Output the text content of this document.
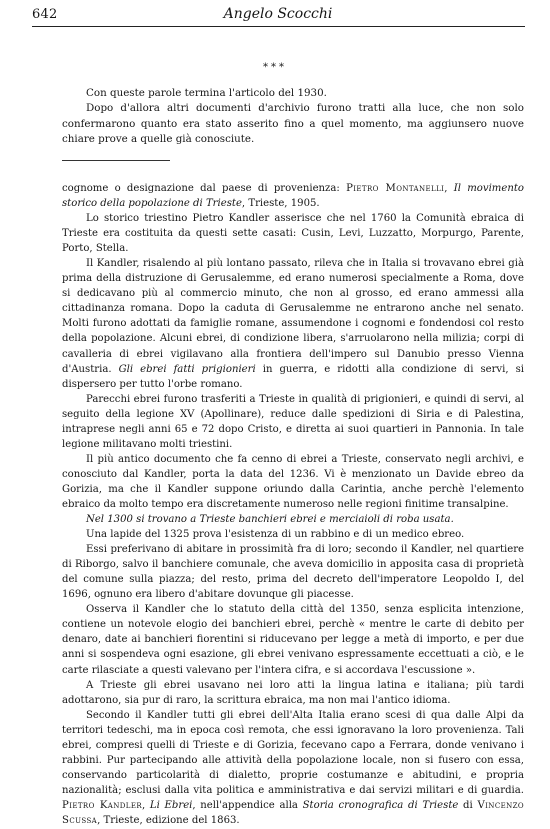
642	Angelo Scocchi
***

Con queste parole termina l'articolo del 1930.

Dopo d'allora altri documenti d'archivio furono tratti alla luce, che non solo confermarono quanto era stato asserito fino a quel momento, ma aggiunsero nuove chiare prove a quelle già conosciute.

cognome o designazione dal paese di provenienza: Pietro Montanelli, Il movimento storico della popolazione di Trieste, Trieste, 1905.

Lo storico triestino Pietro Kandler asserisce che nel 1760 la Comunità ebraica di Trieste era costituita da questi sette casati: Cusin, Levi, Luzzatto, Morpurgo, Parente, Porto, Stella.

Il Kandler, risalendo al più lontano passato, rileva che in Italia si trovavano ebrei già prima della distruzione di Gerusalemme, ed erano numerosi specialmente a Roma, dove si dedicavano più al commercio minuto, che non al grosso, ed erano ammessi alla cittadinanza romana. Dopo la caduta di Gerusalemme ne entrarono anche nel senato. Molti furono adottati da famiglie romane, assumendone i cognomi e fondendosi col resto della popolazione. Alcuni ebrei, di condizione libera, s'arruolarono nella milizia; corpi di cavalleria di ebrei vigilavano alla frontiera dell'impero sul Danubio presso Vienna d'Austria. Gli ebrei fatti prigionieri in guerra, e ridotti alla condizione di servi, si dispersero per tutto l'orbe romano.

Parecchi ebrei furono trasferiti a Trieste in qualità di prigionieri, e quindi di servi, al seguito della legione XV (Apollinare), reduce dalle spedizioni di Siria e di Palestina, intraprese negli anni 65 e 72 dopo Cristo, e diretta ai suoi quartieri in Pannonia. In tale legione militavano molti triestini.

Il più antico documento che fa cenno di ebrei a Trieste, conservato negli archivi, e conosciuto dal Kandler, porta la data del 1236. Vi è menzionato un Davide ebreo da Gorizia, ma che il Kandler suppone oriundo dalla Carintia, anche perchè l'elemento ebraico da molto tempo era discretamente numeroso nelle regioni finitime transalpine.

Nel 1300 si trovano a Trieste banchieri ebrei e merciaioli di roba usata.

Una lapide del 1325 prova l'esistenza di un rabbino e di un medico ebreo.

Essi preferivano di abitare in prossimità fra di loro; secondo il Kandler, nel quartiere di Riborgo, salvo il banchiere comunale, che aveva domicilio in apposita casa di proprietà del comune sulla piazza; del resto, prima del decreto dell'imperatore Leopoldo I, del 1696, ognuno era libero d'abitare dovunque gli piacesse.

Osserva il Kandler che lo statuto della città del 1350, senza esplicita intenzione, contiene un notevole elogio dei banchieri ebrei, perchè « mentre le carte di debito per denaro, date ai banchieri fiorentini si riducevano per legge a metà di importo, e per due anni si sospendeva ogni esazione, gli ebrei venivano espressamente eccettuati a ciò, e le carte rilasciate a questi valevano per l'intera cifra, e si accordava l'escussione ».

A Trieste gli ebrei usavano nei loro atti la lingua latina e italiana; più tardi adottarono, sia pur di raro, la scrittura ebraica, ma non mai l'antico idioma.

Secondo il Kandler tutti gli ebrei dell'Alta Italia erano scesi di qua dalle Alpi da territori tedeschi, ma in epoca così remota, che essi ignoravano la loro provenienza. Tali ebrei, compresi quelli di Trieste e di Gorizia, fecevano capo a Ferrara, donde venivano i rabbini. Pur partecipando alle attività della popolazione locale, non si fusero con essa, conservando particolarità di dialetto, proprie costumanze e abitudini, e propria nazionalità; esclusi dalla vita politica e amministrativa e dai servizi militari e di guardia. Pietro Kandler, Li Ebrei, nell'appendice alla Storia cronografica di Trieste di Vincenzo Scussa, Trieste, edizione del 1863.
